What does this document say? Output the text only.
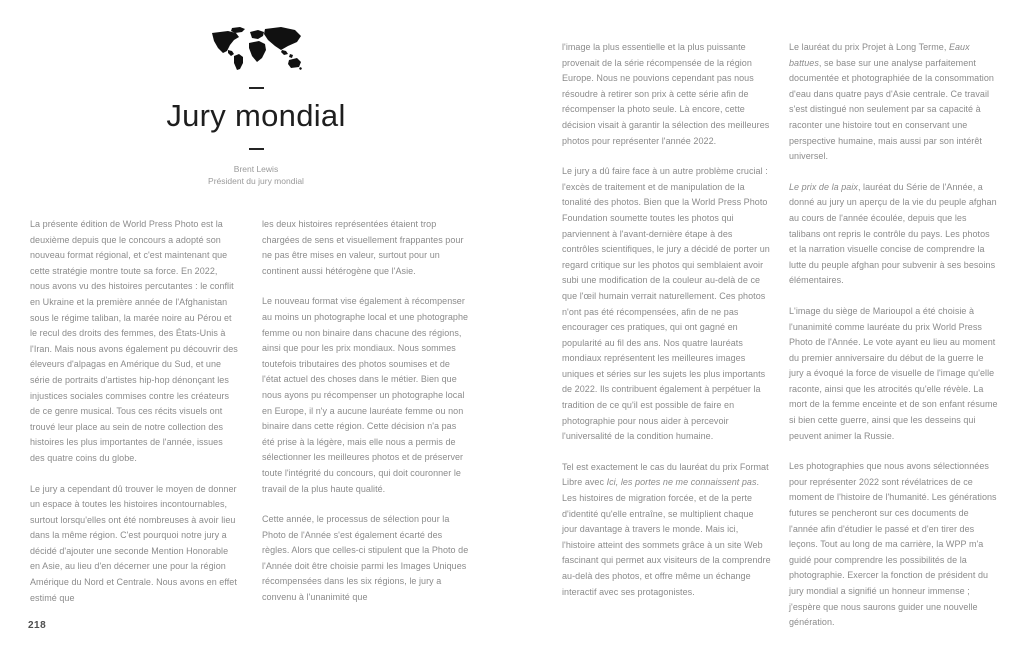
Jury mondial
Brent Lewis
Président du jury mondial

La présente édition de World Press Photo est la deuxième depuis que le concours a adopté son nouveau format régional, et c'est maintenant que cette stratégie montre toute sa force. En 2022, nous avons vu des histoires percutantes : le conflit en Ukraine et la première année de l'Afghanistan sous le régime taliban, la marée noire au Pérou et le recul des droits des femmes, des États-Unis à l'Iran. Mais nous avons également pu découvrir des éleveurs d'alpagas en Amérique du Sud, et une série de portraits d'artistes hip-hop dénonçant les injustices sociales commises contre les créateurs de ce genre musical. Tous ces récits visuels ont trouvé leur place au sein de notre collection des histoires les plus importantes de l'année, issues des quatre coins du globe.

Le jury a cependant dû trouver le moyen de donner un espace à toutes les histoires incontournables, surtout lorsqu'elles ont été nombreuses à avoir lieu dans la même région. C'est pourquoi notre jury a décidé d'ajouter une seconde Mention Honorable en Asie, au lieu d'en décerner une pour la région Amérique du Nord et Centrale. Nous avons en effet estimé que

les deux histoires représentées étaient trop chargées de sens et visuellement frappantes pour ne pas être mises en valeur, surtout pour un continent aussi hétérogène que l'Asie.

Le nouveau format vise également à récompenser au moins un photographe local et une photographe femme ou non binaire dans chacune des régions, ainsi que pour les prix mondiaux. Nous sommes toutefois tributaires des photos soumises et de l'état actuel des choses dans le métier. Bien que nous ayons pu récompenser un photographe local en Europe, il n'y a aucune lauréate femme ou non binaire dans cette région. Cette décision n'a pas été prise à la légère, mais elle nous a permis de sélectionner les meilleures photos et de préserver toute l'intégrité du concours, qui doit couronner le travail de la plus haute qualité.

Cette année, le processus de sélection pour la Photo de l'Année s'est également écarté des règles. Alors que celles-ci stipulent que la Photo de l'Année doit être choisie parmi les Images Uniques récompensées dans les six régions, le jury a convenu à l'unanimité que

l'image la plus essentielle et la plus puissante provenait de la série récompensée de la région Europe. Nous ne pouvions cependant pas nous résoudre à retirer son prix à cette série afin de récompenser la photo seule. Là encore, cette décision visait à garantir la sélection des meilleures photos pour représenter l'année 2022.

Le jury a dû faire face à un autre problème crucial : l'excès de traitement et de manipulation de la tonalité des photos. Bien que la World Press Photo Foundation soumette toutes les photos qui parviennent à l'avant-dernière étape à des contrôles scientifiques, le jury a décidé de porter un regard critique sur les photos qui semblaient avoir subi une modification de la couleur au-delà de ce que l'œil humain verrait naturellement. Ces photos n'ont pas été récompensées, afin de ne pas encourager ces pratiques, qui ont gagné en popularité au fil des ans. Nos quatre lauréats mondiaux représentent les meilleures images uniques et séries sur les sujets les plus importants de 2022. Ils contribuent également à perpétuer la tradition de ce qu'il est possible de faire en photographie pour nous aider à percevoir l'universalité de la condition humaine.

Tel est exactement le cas du lauréat du prix Format Libre avec Ici, les portes ne me connaissent pas. Les histoires de migration forcée, et de la perte d'identité qu'elle entraîne, se multiplient chaque jour davantage à travers le monde. Mais ici, l'histoire atteint des sommets grâce à un site Web fascinant qui permet aux visiteurs de la comprendre au-delà des photos, et offre même un échange interactif avec ses protagonistes.

Le lauréat du prix Projet à Long Terme, Eaux battues, se base sur une analyse parfaitement documentée et photographiée de la consommation d'eau dans quatre pays d'Asie centrale. Ce travail s'est distingué non seulement par sa capacité à raconter une histoire tout en conservant une perspective humaine, mais aussi par son intérêt universel.

Le prix de la paix, lauréat du Série de l'Année, a donné au jury un aperçu de la vie du peuple afghan au cours de l'année écoulée, depuis que les talibans ont repris le contrôle du pays. Les photos et la narration visuelle concise de comprendre la lutte du peuple afghan pour subvenir à ses besoins élémentaires.

L'image du siège de Marioupol a été choisie à l'unanimité comme lauréate du prix World Press Photo de l'Année. Le vote ayant eu lieu au moment du premier anniversaire du début de la guerre le jury a évoqué la force de visuelle de l'image qu'elle raconte, ainsi que les atrocités qu'elle révèle. La mort de la femme enceinte et de son enfant résume si bien cette guerre, ainsi que les desseins qui peuvent animer la Russie.

Les photographies que nous avons sélectionnées pour représenter 2022 sont révélatrices de ce moment de l'histoire de l'humanité. Les générations futures se pencheront sur ces documents de l'année afin d'étudier le passé et d'en tirer des leçons. Tout au long de ma carrière, la WPP m'a guidé pour comprendre les possibilités de la photographie. Exercer la fonction de président du jury mondial a signifié un honneur immense ; j'espère que nous saurons guider une nouvelle génération.

218
